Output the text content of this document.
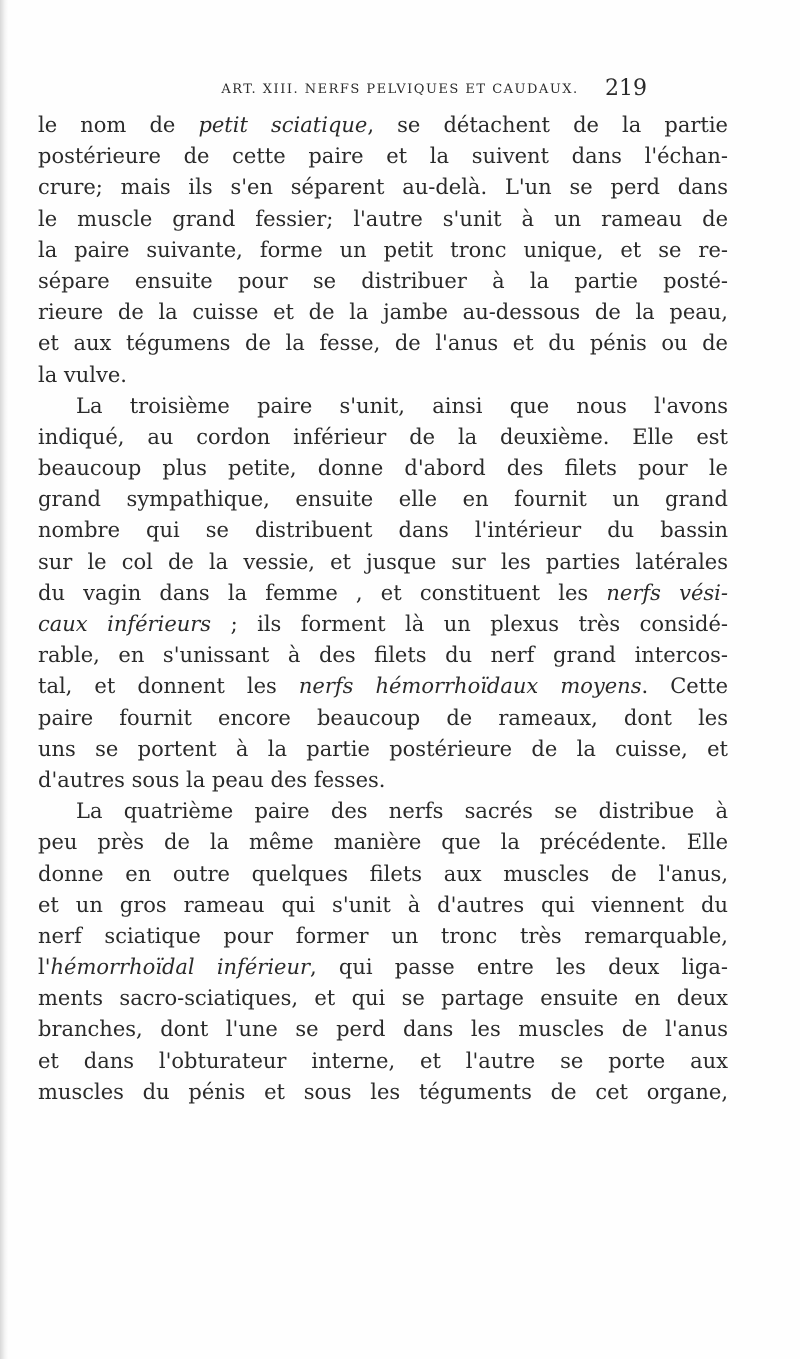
ART. XIII. NERFS PELVIQUES ET CAUDAUX.	219
le nom de petit sciatique, se détachent de la partie
postérieure de cette paire et la suivent dans l'échan-
crure; mais ils s'en séparent au-delà. L'un se perd dans
le muscle grand fessier; l'autre s'unit à un rameau de
la paire suivante, forme un petit tronc unique, et se re-
sépare ensuite pour se distribuer à la partie posté-
rieure de la cuisse et de la jambe au-dessous de la peau,
et aux tégumens de la fesse, de l'anus et du pénis ou de
la vulve.
La troisième paire s'unit, ainsi que nous l'avons
indiqué, au cordon inférieur de la deuxième. Elle est
beaucoup plus petite, donne d'abord des filets pour le
grand sympathique, ensuite elle en fournit un grand
nombre qui se distribuent dans l'intérieur du bassin
sur le col de la vessie, et jusque sur les parties latérales
du vagin dans la femme , et constituent les nerfs vési-
caux inférieurs ; ils forment là un plexus très considé-
rable, en s'unissant à des filets du nerf grand intercos-
tal, et donnent les nerfs hémorrhoïdaux moyens. Cette
paire fournit encore beaucoup de rameaux, dont les
uns se portent à la partie postérieure de la cuisse, et
d'autres sous la peau des fesses.
La quatrième paire des nerfs sacrés se distribue à
peu près de la même manière que la précédente. Elle
donne en outre quelques filets aux muscles de l'anus,
et un gros rameau qui s'unit à d'autres qui viennent du
nerf sciatique pour former un tronc très remarquable,
l'hémorrhoïdal inférieur, qui passe entre les deux liga-
ments sacro-sciatiques, et qui se partage ensuite en deux
branches, dont l'une se perd dans les muscles de l'anus
et dans l'obturateur interne, et l'autre se porte aux
muscles du pénis et sous les téguments de cet organe,
